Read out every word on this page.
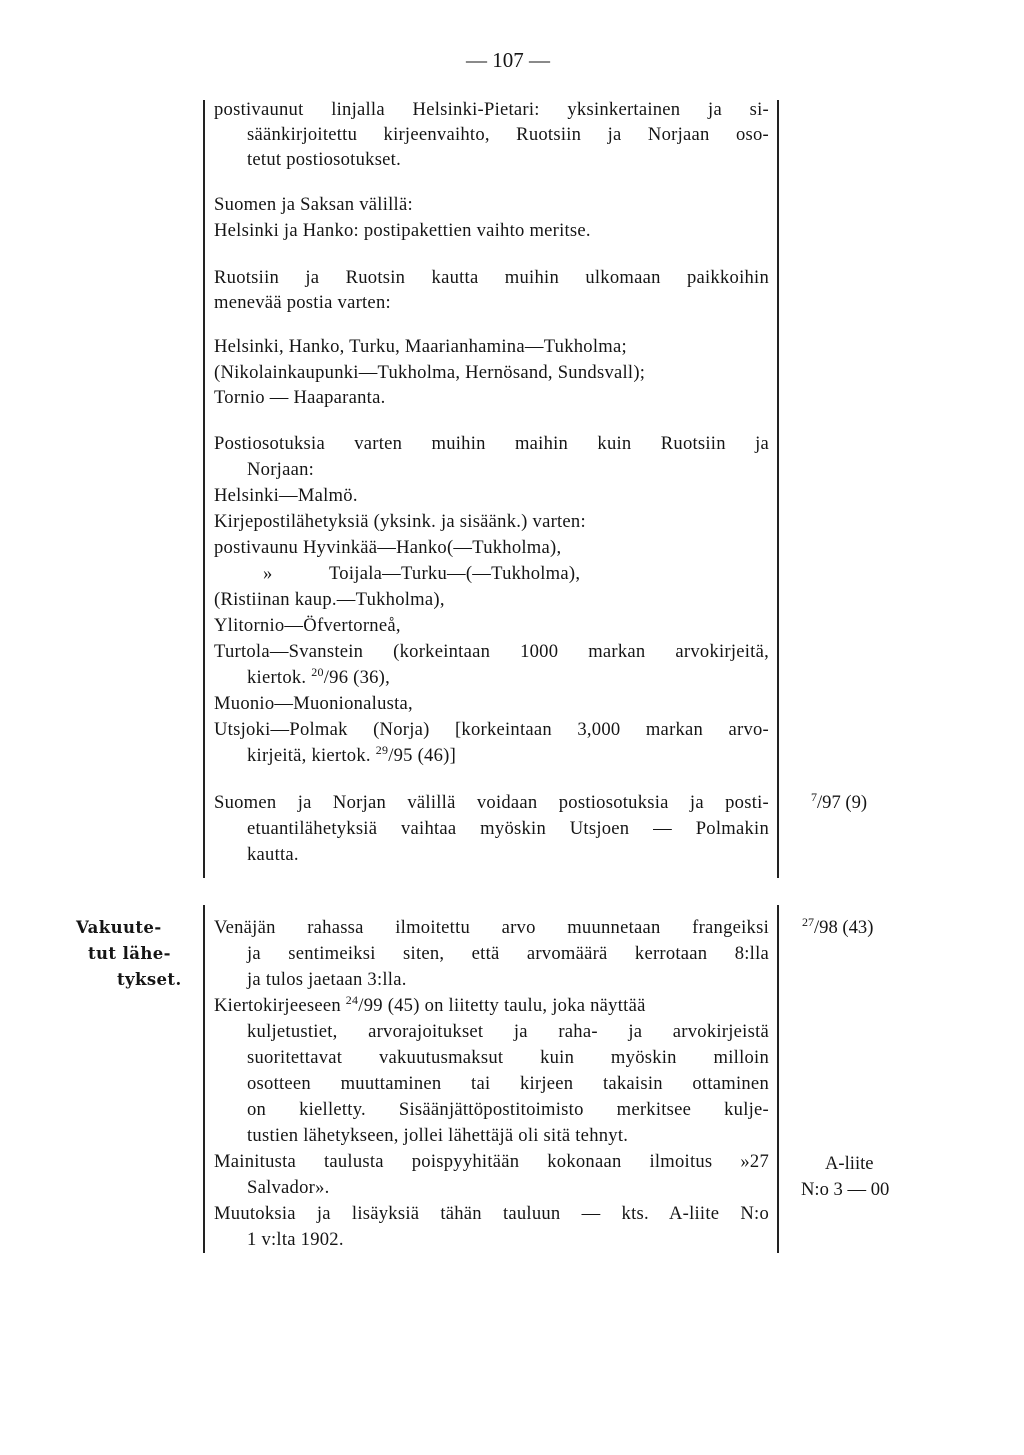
— 107 —
postivaunut linjalla Helsinki-Pietari: yksinkertainen ja si-
säänkirjoitettu kirjeenvaihto, Ruotsiin ja Norjaan oso-
tetut postiosotukset.
Suomen ja Saksan välillä:
Helsinki ja Hanko: postipakettien vaihto meritse.
Ruotsiin ja Ruotsin kautta muihin ulkomaan paikkoihin
menevää postia varten:
Helsinki, Hanko, Turku, Maarianhamina—Tukholma;
(Nikolainkaupunki—Tukholma, Hernösand, Sundsvall);
Tornio — Haaparanta.
Postiosotuksia varten muihin maihin kuin Ruotsiin ja
Norjaan:
Helsinki—Malmö.
Kirjepostilähetyksiä (yksink. ja sisäänk.) varten:
postivaunu Hyvinkää—Hanko(—Tukholma),
»	Toijala—Turku—(—Tukholma),
(Ristiinan kaup.—Tukholma),
Ylitornio—Öfvertorneå,
Turtola—Svanstein (korkeintaan 1000 markan arvokirjeitä,
kiertok. $^{20}$/96 (36),
Muonio—Muonionalusta,
Utsjoki—Polmak (Norja) [korkeintaan 3,000 markan arvo-
kirjeitä, kiertok. $^{29}$/95 (46)]
Suomen ja Norjan välillä voidaan postiosotuksia ja posti-
etuantilähetyksiä vaihtaa myöskin Utsjoen — Polmakin
kautta.
$^7$/97 (9)
Vakuute-
tut lähe-
tykset.
Venäjän rahassa ilmoitettu arvo muunnetaan frangeiksi
ja sentimeiksi siten, että arvomäärä kerrotaan 8:lla
ja tulos jaetaan 3:lla.
Kiertokirjeeseen $^{24}$/99 (45) on liitetty taulu, joka näyttää
kuljetustiet, arvorajoitukset ja raha- ja arvokirjeistä
suoritettavat vakuutusmaksut kuin myöskin milloin
osotteen muuttaminen tai kirjeen takaisin ottaminen
on kielletty. Sisäänjättöpostitoimisto merkitsee kulje-
tustien lähetykseen, jollei lähettäjä oli sitä tehnyt.
Mainitusta taulusta poispyyhitään kokonaan ilmoitus »27
Salvador».
Muutoksia ja lisäyksiä tähän tauluun — kts. A-liite N:o
1 v:lta 1902.
$^{27}$/98 (43)
A-liite
N:o 3 — 00
